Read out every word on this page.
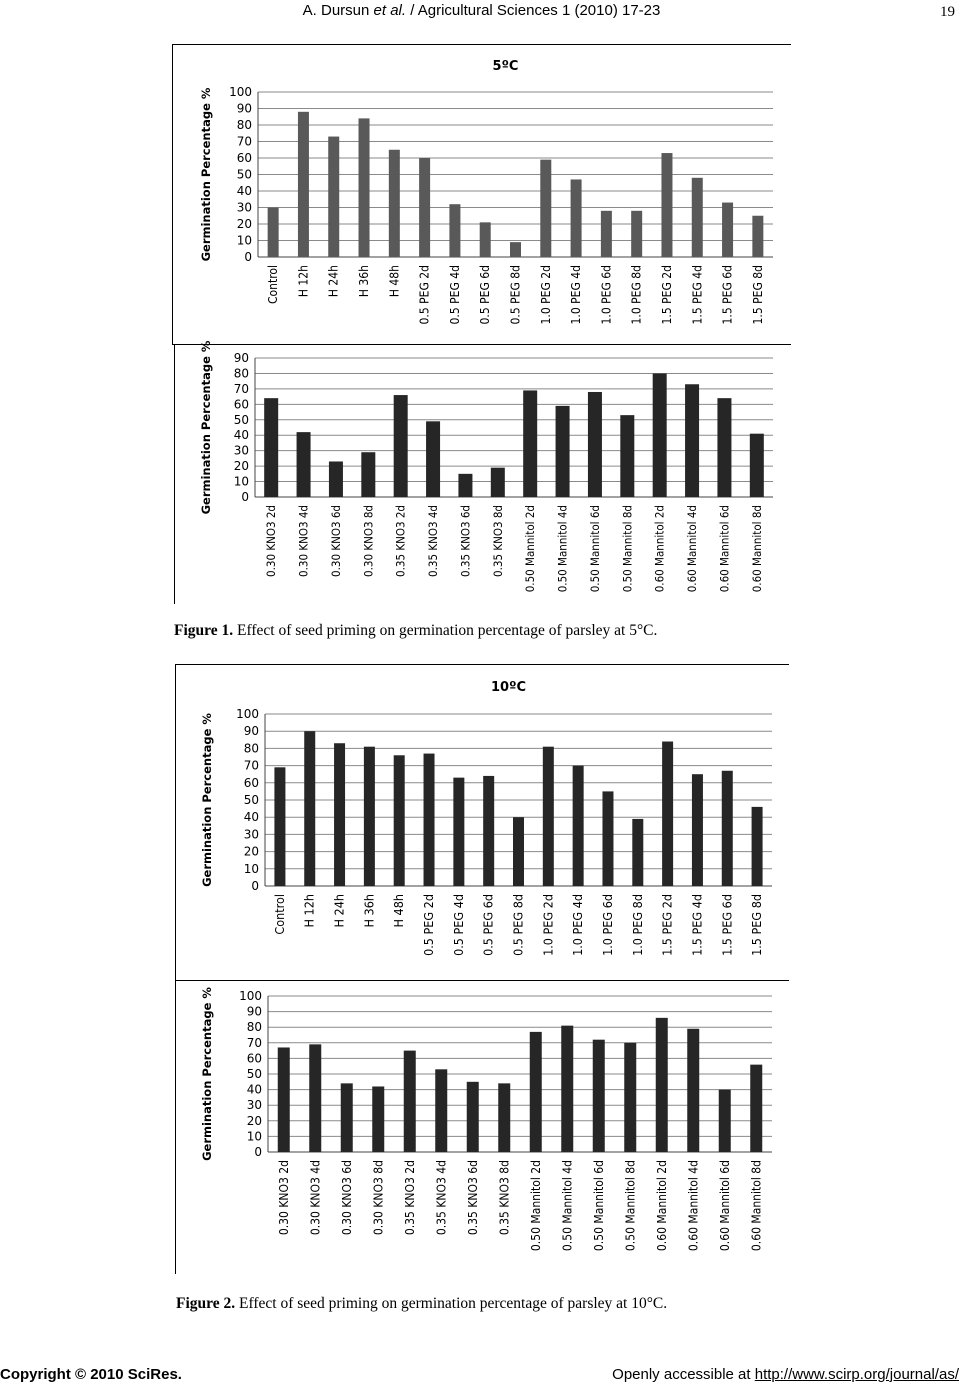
A. Dursun et al. / Agricultural Sciences 1 (2010) 17-23	19
0
10
20
30
40
50
60
70
80
90
100
5ºC
Germination Percentage %
Control H 12h H 24h H 36h H 48h 0.5 PEG 2d 0.5 PEG 4d 0.5 PEG 6d 0.5 PEG 8d 1.0 PEG 2d 1.0 PEG 4d 1.0 PEG 6d 1.0 PEG 8d 1.5 PEG 2d 1.5 PEG 4d 1.5 PEG 6d 1.5 PEG 8d
0
10
20
30
40
50
60
70
80
90
Germination Percentage %
0.30 KNO3 2d 0.30 KNO3 4d 0.30 KNO3 6d 0.30 KNO3 8d 0.35 KNO3 2d 0.35 KNO3 4d 0.35 KNO3 6d 0.35 KNO3 8d 0.50 Mannitol 2d 0.50 Mannitol 4d 0.50 Mannitol 6d 0.50 Mannitol 8d 0.60 Mannitol 2d 0.60 Mannitol 4d 0.60 Mannitol 6d 0.60 Mannitol 8d
Figure 1. Effect of seed priming on germination percentage of parsley at 5°C.
0
10
20
30
40
50
60
70
80
90
100
10ºC
Germination Percentage %
Control H 12h H 24h H 36h H 48h 0.5 PEG 2d 0.5 PEG 4d 0.5 PEG 6d 0.5 PEG 8d 1.0 PEG 2d 1.0 PEG 4d 1.0 PEG 6d 1.0 PEG 8d 1.5 PEG 2d 1.5 PEG 4d 1.5 PEG 6d 1.5 PEG 8d
0
10
20
30
40
50
60
70
80
90
100
Germination Percentage %
0.30 KNO3 2d 0.30 KNO3 4d 0.30 KNO3 6d 0.30 KNO3 8d 0.35 KNO3 2d 0.35 KNO3 4d 0.35 KNO3 6d 0.35 KNO3 8d 0.50 Mannitol 2d 0.50 Mannitol 4d 0.50 Mannitol 6d 0.50 Mannitol 8d 0.60 Mannitol 2d 0.60 Mannitol 4d 0.60 Mannitol 6d 0.60 Mannitol 8d
Figure 2. Effect of seed priming on germination percentage of parsley at 10°C.
Copyright © 2010 SciRes.	Openly accessible at http://www.scirp.org/journal/as/
